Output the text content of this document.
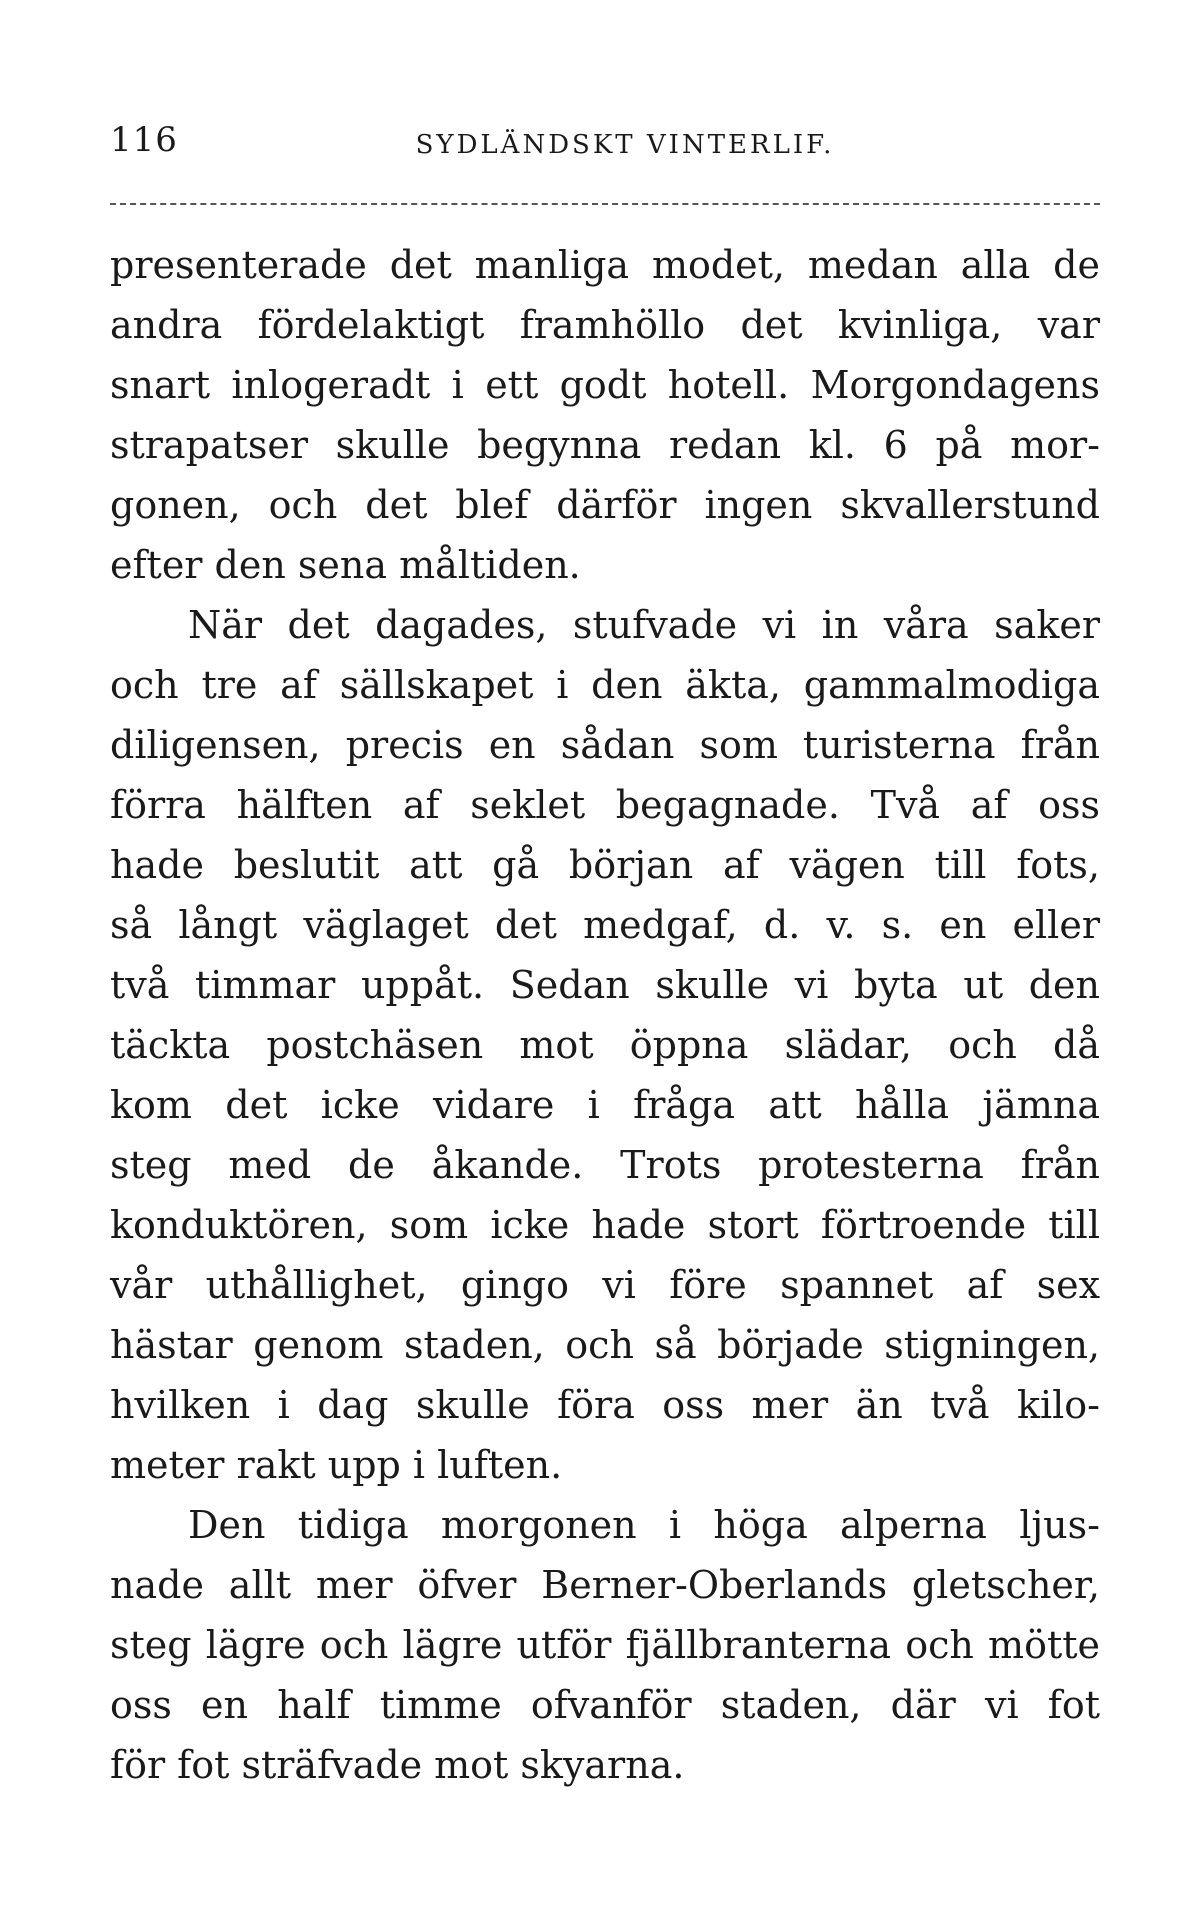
116	SYDLÄNDSKT VINTERLIF.
presenterade det manliga modet, medan alla de
andra fördelaktigt framhöllo det kvinliga, var
snart inlogeradt i ett godt hotell. Morgondagens
strapatser skulle begynna redan kl. 6 på mor-
gonen, och det blef därför ingen skvallerstund
efter den sena måltiden.
När det dagades, stufvade vi in våra saker
och tre af sällskapet i den äkta, gammalmodiga
diligensen, precis en sådan som turisterna från
förra hälften af seklet begagnade. Två af oss
hade beslutit att gå början af vägen till fots,
så långt väglaget det medgaf, d. v. s. en eller
två timmar uppåt. Sedan skulle vi byta ut den
täckta postchäsen mot öppna slädar, och då
kom det icke vidare i fråga att hålla jämna
steg med de åkande. Trots protesterna från
konduktören, som icke hade stort förtroende till
vår uthållighet, gingo vi före spannet af sex
hästar genom staden, och så började stigningen,
hvilken i dag skulle föra oss mer än två kilo-
meter rakt upp i luften.
Den tidiga morgonen i höga alperna ljus-
nade allt mer öfver Berner-Oberlands gletscher,
steg lägre och lägre utför fjällbranterna och mötte
oss en half timme ofvanför staden, där vi fot
för fot sträfvade mot skyarna.
